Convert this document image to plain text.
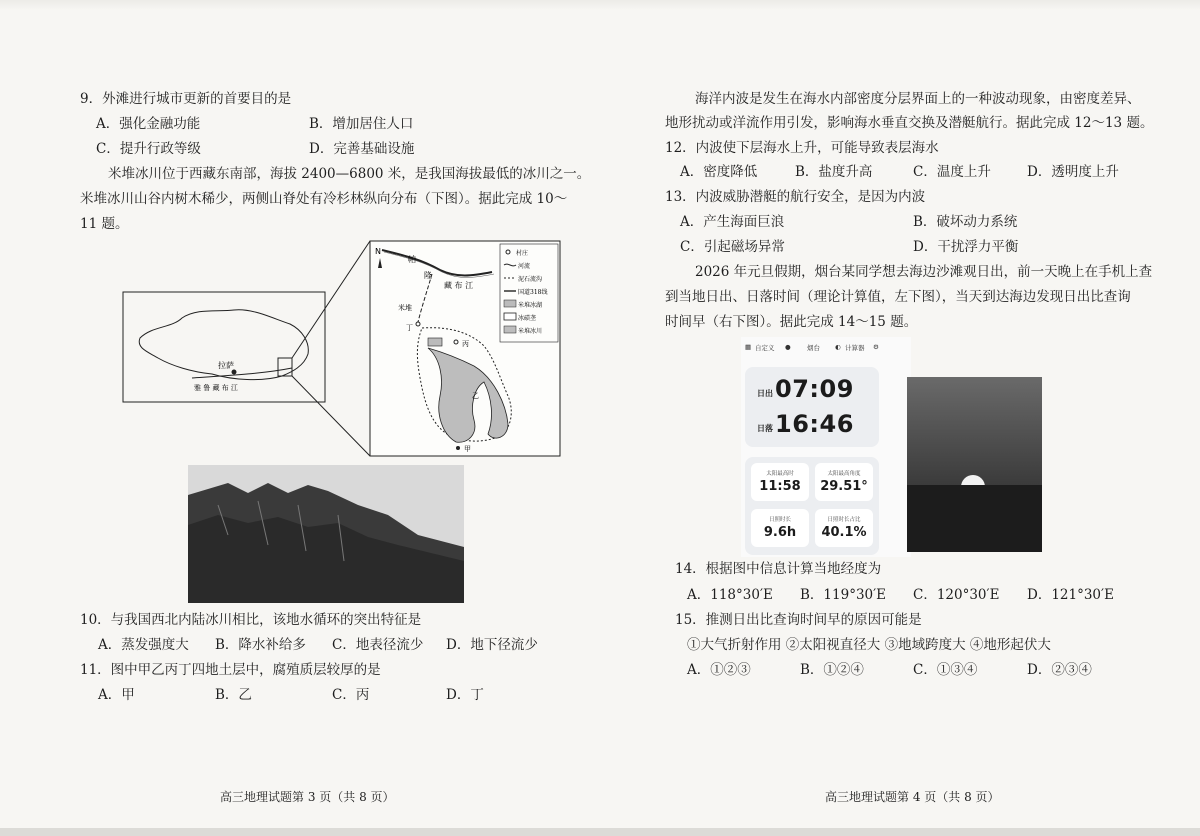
9．外滩进行城市更新的首要目的是
A．强化金融功能	B．增加居住人口
C．提升行政等级	D．完善基础设施
米堆冰川位于西藏东南部，海拔 2400—6800 米，是我国海拔最低的冰川之一。
米堆冰川山谷内树木稀少，两侧山脊处有冷杉林纵向分布（下图）。据此完成 10～
11 题。
拉萨
雅 鲁 藏 布 江
N
帕
隆
藏 布 江
米堆
丁
丙
乙
甲
村庄
河流
泥石流沟
国道318线
米堆冰湖
冰碛垄
米堆冰川
10．与我国西北内陆冰川相比，该地水循环的突出特征是
A．蒸发强度大 B．降水补给多 C．地表径流少 D．地下径流少
11．图中甲乙丙丁四地土层中，腐殖质层较厚的是
A．甲	B．乙	C．丙	D．丁
高三地理试题第 3 页（共 8 页）
海洋内波是发生在海水内部密度分层界面上的一种波动现象，由密度差异、
地形扰动或洋流作用引发，影响海水垂直交换及潜艇航行。据此完成 12～13 题。
12．内波使下层海水上升，可能导致表层海水
A．密度降低	B．盐度升高	C．温度上升	D．透明度上升
13．内波威胁潜艇的航行安全，是因为内波
A．产生海面巨浪	B．破坏动力系统
C．引起磁场异常	D．干扰浮力平衡
2026 年元旦假期，烟台某同学想去海边沙滩观日出，前一天晚上在手机上查
到当地日出、日落时间（理论计算值，左下图），当天到达海边发现日出比查询
时间早（右下图）。据此完成 14～15 题。
▦ 自定义 ●	烟台 ◐ 计算器 ⚙
日出 07:09
日落 16:46
太阳最高时
11:58
太阳最高角度
29.51°
日照时长
9.6h
日照时长占比
40.1%
14．根据图中信息计算当地经度为
A．118°30′E B．119°30′E C．120°30′E D．121°30′E
15．推测日出比查询时间早的原因可能是
①大气折射作用 ②太阳视直径大 ③地域跨度大 ④地形起伏大
A．①②③	B．①②④	C．①③④	D．②③④
高三地理试题第 4 页（共 8 页）
